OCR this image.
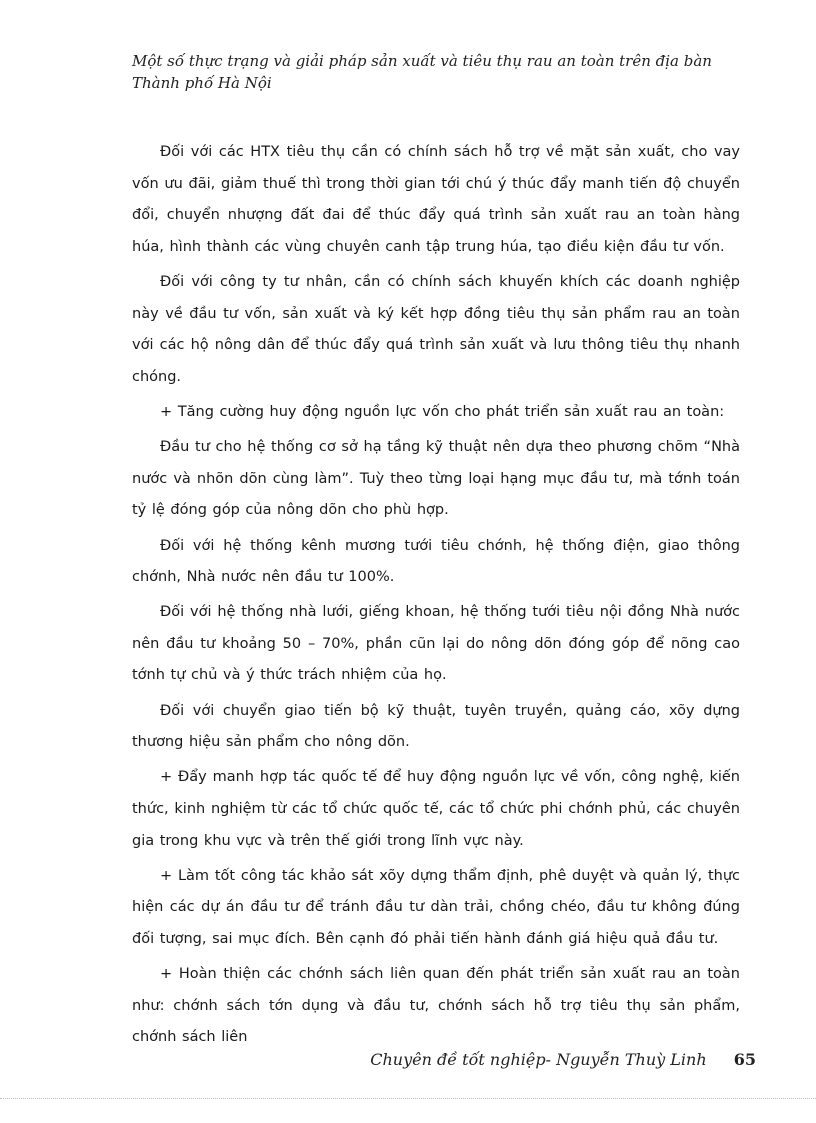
Một số thực trạng và giải pháp sản xuất và tiêu thụ rau an toàn trên địa bàn Thành phố Hà Nội

Đối với các HTX tiêu thụ cần có chính sách hỗ trợ về mặt sản xuất, cho vay vốn ưu đãi, giảm thuế thì trong thời gian tới chú ý thúc đẩy manh tiến độ chuyển đổi, chuyển nhượng đất đai để thúc đẩy quá trình sản xuất rau an toàn hàng húa, hình thành các vùng chuyên canh tập trung húa, tạo điều kiện đầu tư vốn.

Đối với công ty tư nhân, cần có chính sách khuyến khích các doanh nghiệp này về đầu tư vốn, sản xuất và ký kết hợp đồng tiêu thụ sản phẩm rau an toàn với các hộ nông dân để thúc đẩy quá trình sản xuất và lưu thông tiêu thụ nhanh chóng.

+ Tăng cường huy động nguồn lực vốn cho phát triển sản xuất rau an toàn:

Đầu tư cho hệ thống cơ sở hạ tầng kỹ thuật nên dựa theo phương chõm “Nhà nước và nhõn dõn cùng làm”. Tuỳ theo từng loại hạng mục đầu tư, mà tớnh toán tỷ lệ đóng góp của nông dõn cho phù hợp.

Đối với hệ thống kênh mương tưới tiêu chớnh, hệ thống điện, giao thông chớnh, Nhà nước nên đầu tư 100%.

Đối với hệ thống nhà lưới, giếng khoan, hệ thống tưới tiêu nội đồng Nhà nước nên đầu tư khoảng 50 – 70%, phần cũn lại do nông dõn đóng góp để nõng cao tớnh tự chủ và ý thức trách nhiệm của họ.

Đối với chuyển giao tiến bộ kỹ thuật, tuyên truyền, quảng cáo, xõy dựng thương hiệu sản phẩm cho nông dõn.

+ Đẩy manh hợp tác quốc tế để huy động nguồn lực về vốn, công nghệ, kiến thức, kinh nghiệm từ các tổ chức quốc tế, các tổ chức phi chớnh phủ, các chuyên gia trong khu vực và trên thế giới trong lĩnh vực này.

+ Làm tốt công tác khảo sát xõy dựng thẩm định, phê duyệt và quản lý, thực hiện các dự án đầu tư để tránh đầu tư dàn trải, chồng chéo, đầu tư không đúng đối tượng, sai mục đích. Bên cạnh đó phải tiến hành đánh giá hiệu quả đầu tư.

+ Hoàn thiện các chớnh sách liên quan đến phát triển sản xuất rau an toàn như: chớnh sách tớn dụng và đầu tư, chớnh sách hỗ trợ tiêu thụ sản phẩm, chớnh sách liên

Chuyên đề tốt nghiệp- Nguyễn Thuỳ Linh 65
